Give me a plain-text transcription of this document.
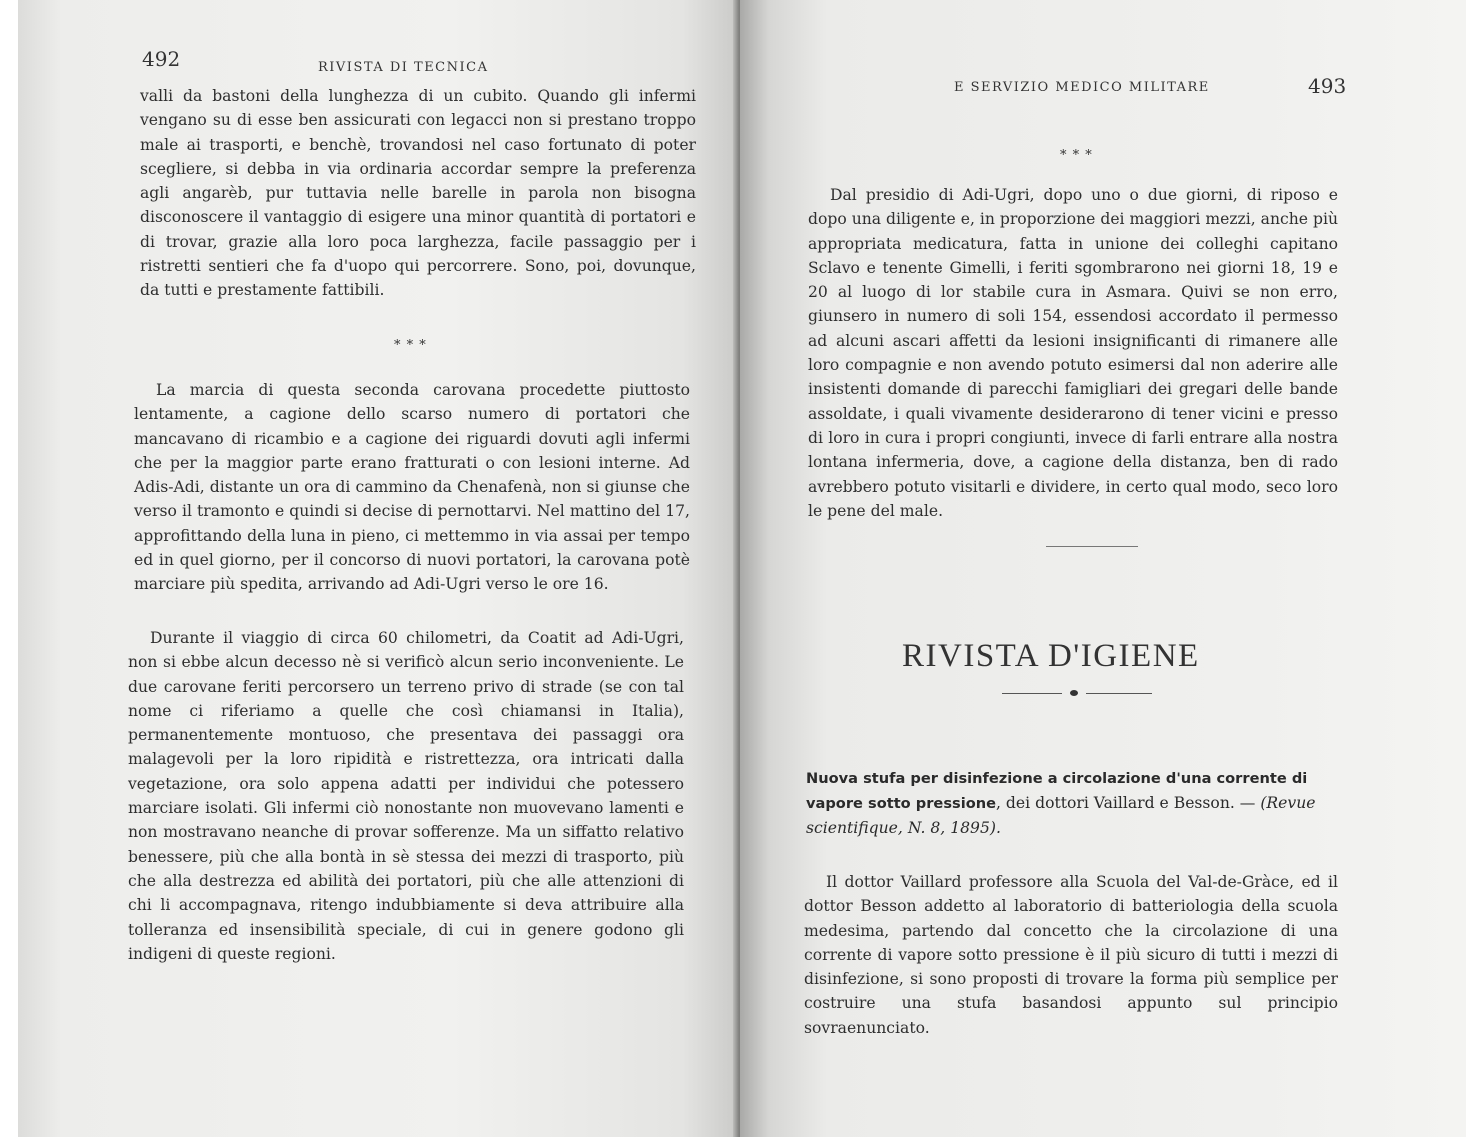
492	RIVISTA DI TECNICA

valli da bastoni della lunghezza di un cubito. Quando gli infermi vengano su di esse ben assicurati con legacci non si prestano troppo male ai trasporti, e benchè, trovandosi nel caso fortunato di poter scegliere, si debba in via ordinaria accordar sempre la preferenza agli angarèb, pur tuttavia nelle barelle in parola non bisogna disconoscere il vantaggio di esigere una minor quantità di portatori e di trovar, grazie alla loro poca larghezza, facile passaggio per i ristretti sentieri che fa d'uopo qui percorrere. Sono, poi, dovunque, da tutti e prestamente fattibili.

* * *

La marcia di questa seconda carovana procedette piuttosto lentamente, a cagione dello scarso numero di portatori che mancavano di ricambio e a cagione dei riguardi dovuti agli infermi che per la maggior parte erano fratturati o con lesioni interne. Ad Adis-Adi, distante un ora di cammino da Chenafenà, non si giunse che verso il tramonto e quindi si decise di pernottarvi. Nel mattino del 17, approfittando della luna in pieno, ci mettemmo in via assai per tempo ed in quel giorno, per il concorso di nuovi portatori, la carovana potè marciare più spedita, arrivando ad Adi-Ugri verso le ore 16.

Durante il viaggio di circa 60 chilometri, da Coatit ad Adi-Ugri, non si ebbe alcun decesso nè si verificò alcun serio inconveniente. Le due carovane feriti percorsero un terreno privo di strade (se con tal nome ci riferiamo a quelle che così chiamansi in Italia), permanentemente montuoso, che presentava dei passaggi ora malagevoli per la loro ripidità e ristrettezza, ora intricati dalla vegetazione, ora solo appena adatti per individui che potessero marciare isolati. Gli infermi ciò nonostante non muovevano lamenti e non mostravano neanche di provar sofferenze. Ma un siffatto relativo benessere, più che alla bontà in sè stessa dei mezzi di trasporto, più che alla destrezza ed abilità dei portatori, più che alle attenzioni di chi li accompagnava, ritengo indubbiamente si deva attribuire alla tolleranza ed insensibilità speciale, di cui in genere godono gli indigeni di queste regioni.

E SERVIZIO MEDICO MILITARE	493
* * *

Dal presidio di Adi-Ugri, dopo uno o due giorni, di riposo e dopo una diligente e, in proporzione dei maggiori mezzi, anche più appropriata medicatura, fatta in unione dei colleghi capitano Sclavo e tenente Gimelli, i feriti sgombrarono nei giorni 18, 19 e 20 al luogo di lor stabile cura in Asmara. Quivi se non erro, giunsero in numero di soli 154, essendosi accordato il permesso ad alcuni ascari affetti da lesioni insignificanti di rimanere alle loro compagnie e non avendo potuto esimersi dal non aderire alle insistenti domande di parecchi famigliari dei gregari delle bande assoldate, i quali vivamente desiderarono di tener vicini e presso di loro in cura i propri congiunti, invece di farli entrare alla nostra lontana infermeria, dove, a cagione della distanza, ben di rado avrebbero potuto visitarli e dividere, in certo qual modo, seco loro le pene del male.

RIVISTA D'IGIENE
Nuova stufa per disinfezione a circolazione d'una corrente di vapore sotto pressione, dei dottori Vaillard e Besson. — (Revue scientifique, N. 8, 1895).

Il dottor Vaillard professore alla Scuola del Val-de-Gràce, ed il dottor Besson addetto al laboratorio di batteriologia della scuola medesima, partendo dal concetto che la circolazione di una corrente di vapore sotto pressione è il più sicuro di tutti i mezzi di disinfezione, si sono proposti di trovare la forma più semplice per costruire una stufa basandosi appunto sul principio sovraenunciato.
